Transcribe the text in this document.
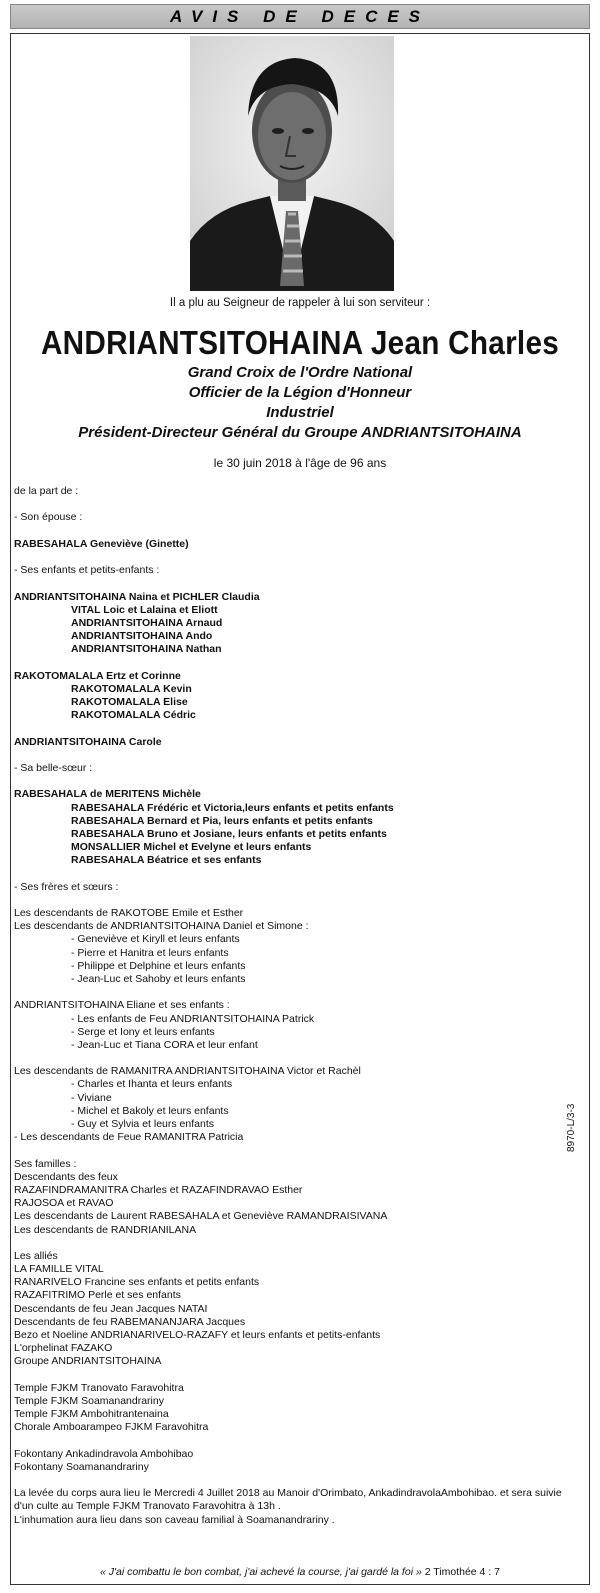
AVIS DE DECES
Il a plu au Seigneur de rappeler à lui son serviteur :
ANDRIANTSITOHAINA Jean Charles
Grand Croix de l'Ordre National
Officier de la Légion d'Honneur
Industriel
Président-Directeur Général du Groupe ANDRIANTSITOHAINA
le 30 juin 2018 à l'âge de 96 ans
de la part de :
- Son épouse :
RABESAHALA Geneviève (Ginette)
- Ses enfants et petits-enfants :
ANDRIANTSITOHAINA Naina et PICHLER Claudia
VITAL Loic et Lalaina et Eliott
ANDRIANTSITOHAINA Arnaud
ANDRIANTSITOHAINA Ando
ANDRIANTSITOHAINA Nathan
RAKOTOMALALA Ertz et Corinne
RAKOTOMALALA Kevin
RAKOTOMALALA Elise
RAKOTOMALALA Cédric
ANDRIANTSITOHAINA Carole
- Sa belle-sœur :
RABESAHALA de MERITENS Michèle
RABESAHALA Frédéric et Victoria,leurs enfants et petits enfants
RABESAHALA Bernard et Pia, leurs enfants et petits enfants
RABESAHALA Bruno et Josiane, leurs enfants et petits enfants
MONSALLIER Michel et Evelyne et leurs enfants
RABESAHALA Béatrice et ses enfants
- Ses frères et sœurs :
Les descendants de RAKOTOBE Emile et Esther
Les descendants de ANDRIANTSITOHAINA Daniel et Simone :
- Geneviève et Kiryll et leurs enfants
- Pierre et Hanitra et leurs enfants
- Philippe et Delphine et leurs enfants
- Jean-Luc et Sahoby et leurs enfants
ANDRIANTSITOHAINA Eliane et ses enfants :
- Les enfants de Feu ANDRIANTSITOHAINA Patrick
- Serge et Iony et leurs enfants
- Jean-Luc et Tiana CORA et leur enfant
Les descendants de RAMANITRA ANDRIANTSITOHAINA Victor et Rachèl
- Charles et Ihanta et leurs enfants
- Viviane
- Michel et Bakoly et leurs enfants
- Guy et Sylvia et leurs enfants
- Les descendants de Feue RAMANITRA Patricia
Ses familles :
Descendants des feux
RAZAFINDRAMANITRA Charles et RAZAFINDRAVAO Esther
RAJOSOA et RAVAO
Les descendants de Laurent RABESAHALA et Geneviève RAMANDRAISIVANA
Les descendants de RANDRIANILANA
Les alliés
LA FAMILLE VITAL
RANARIVELO Francine ses enfants et petits enfants
RAZAFITRIMO Perle et ses enfants
Descendants de feu Jean Jacques NATAI
Descendants de feu RABEMANANJARA Jacques
Bezo et Noeline ANDRIANARIVELO-RAZAFY et leurs enfants et petits-enfants
L'orphelinat FAZAKO
Groupe ANDRIANTSITOHAINA
Temple FJKM Tranovato Faravohitra
Temple FJKM Soamanandrariny
Temple FJKM Ambohitrantenaina
Chorale Amboarampeo FJKM Faravohitra
Fokontany Ankadindravola Ambohibao
Fokontany Soamanandrariny
La levée du corps aura lieu le Mercredi 4 Juillet 2018 au Manoir d'Orimbato, AnkadindravolaAmbohibao. et sera suivie d'un culte au Temple FJKM Tranovato Faravohitra à 13h .
L'inhumation aura lieu dans son caveau familial à Soamanandrariny .
« J'ai combattu le bon combat, j'ai achevé la course, j'ai gardé la foi » 2 Timothée 4 : 7
8970-L/3-3
